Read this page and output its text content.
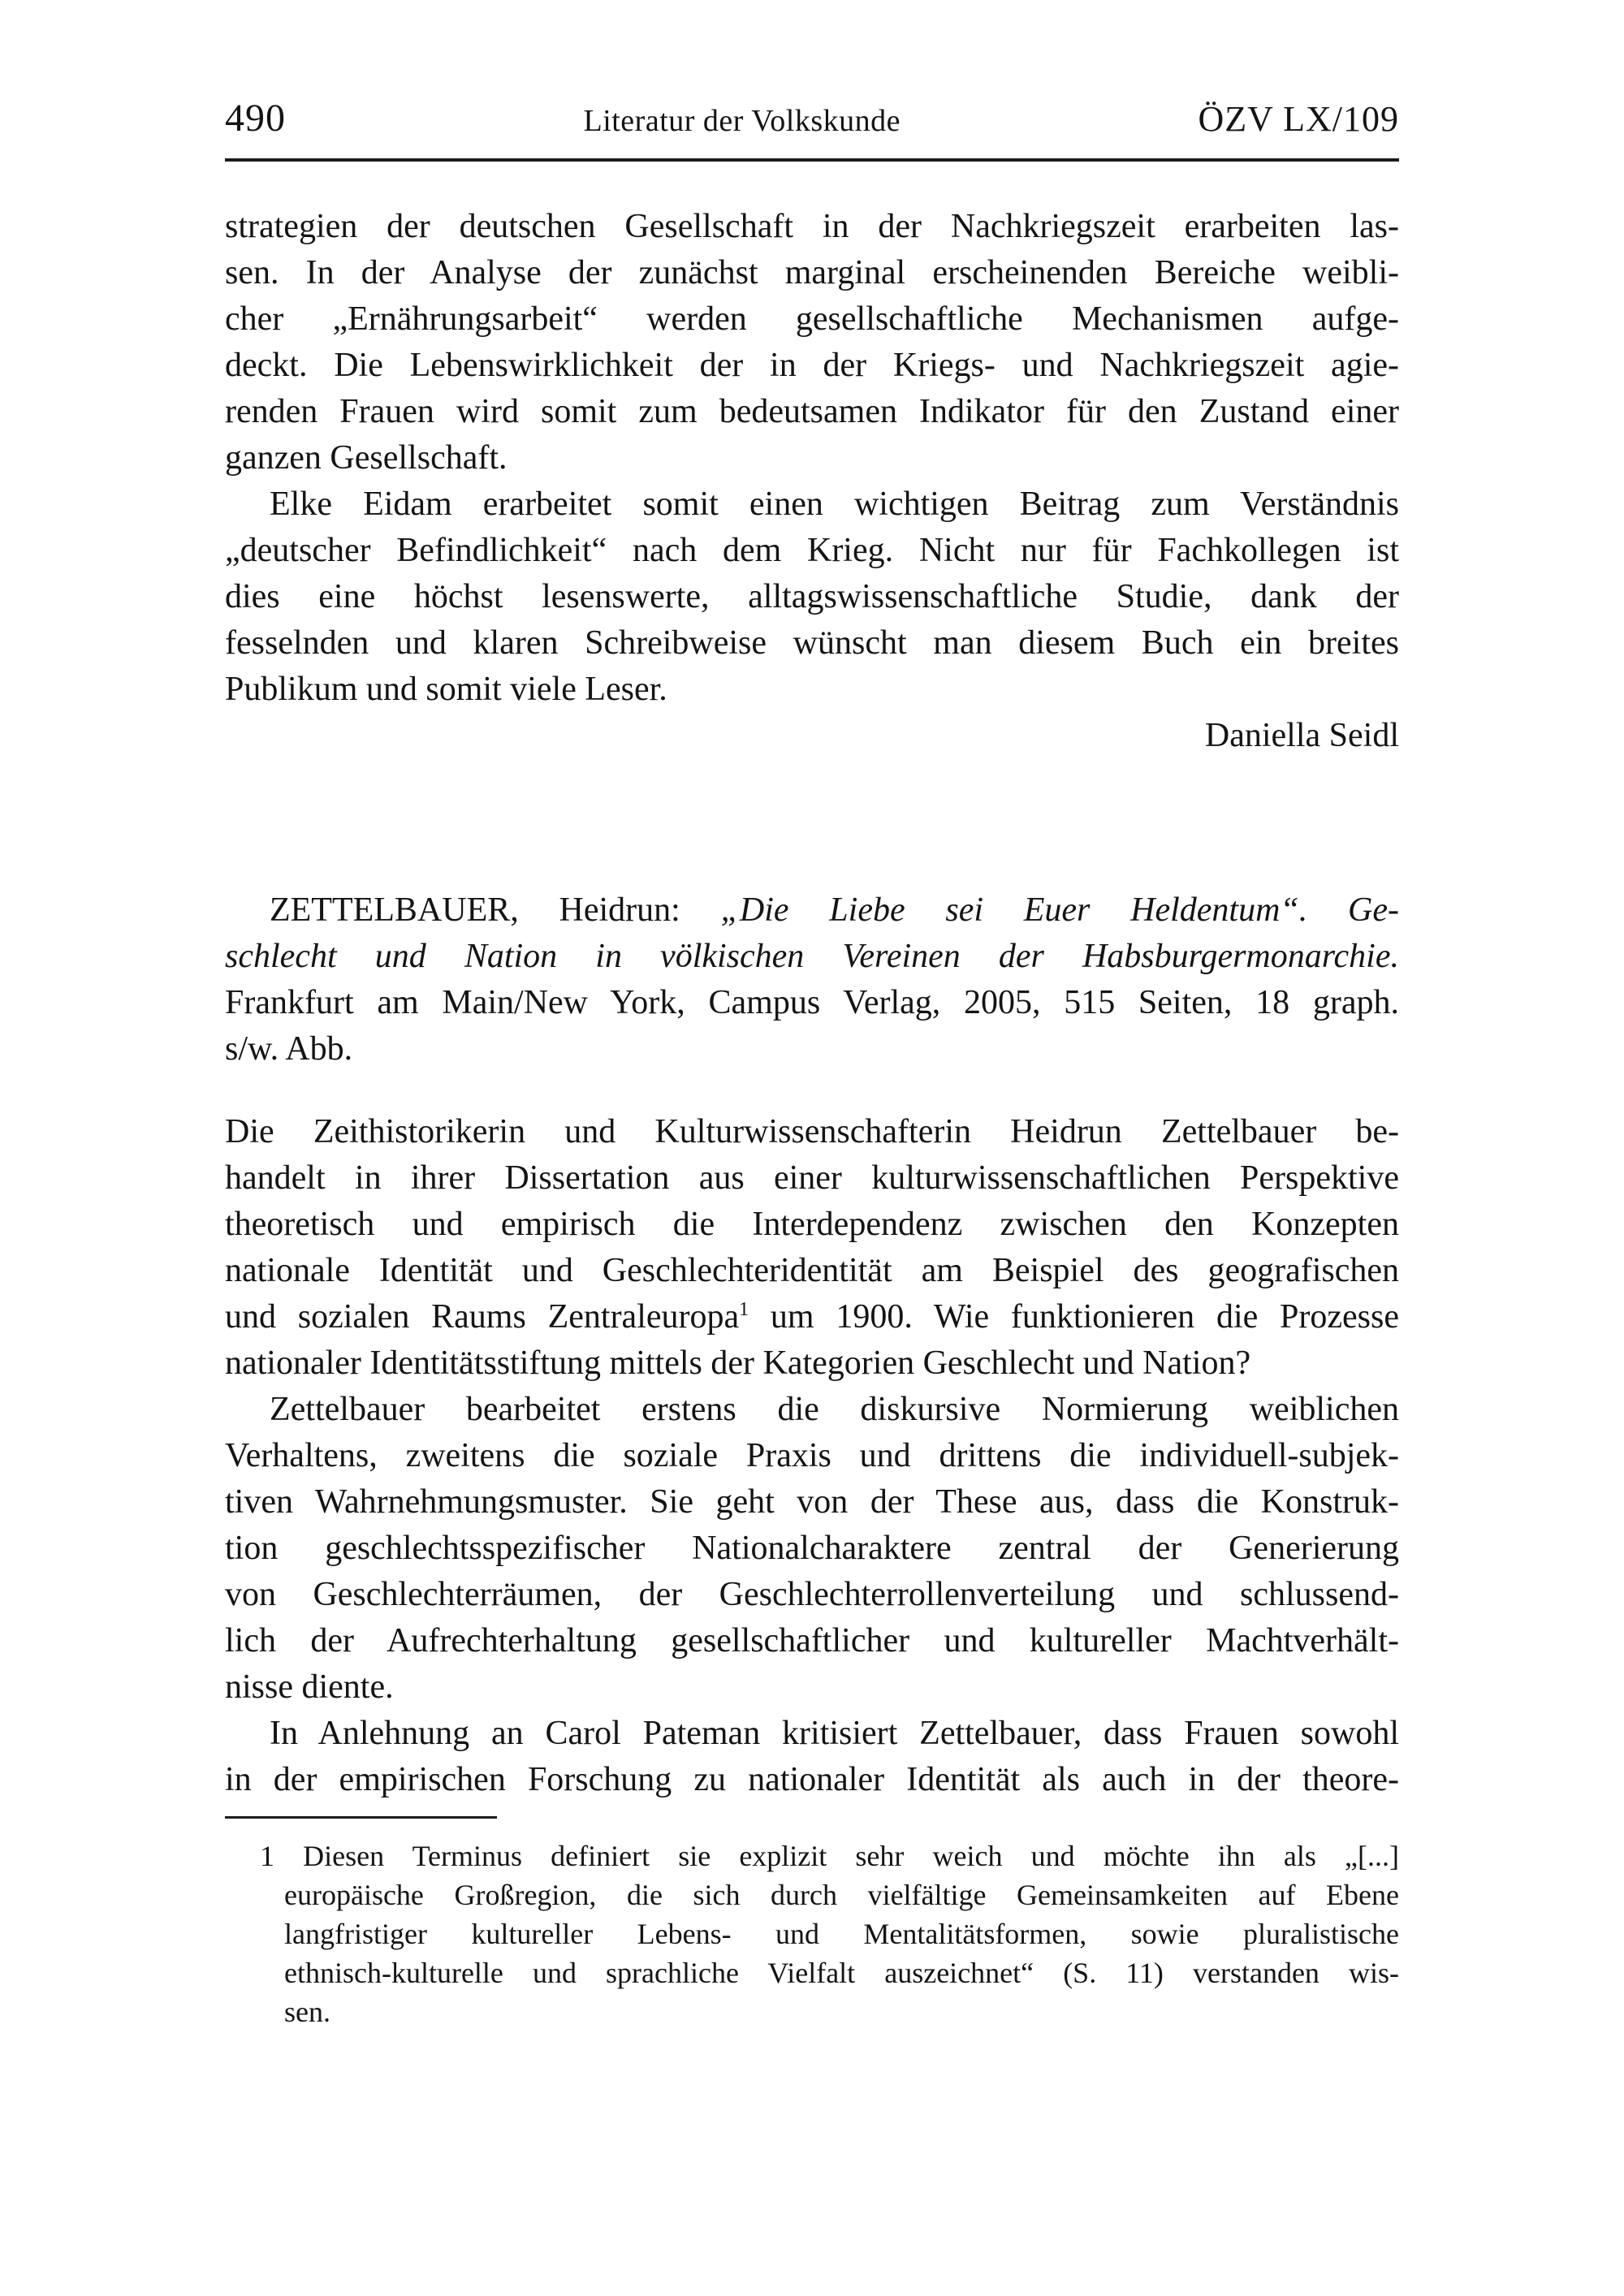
490	Literatur der Volkskunde	ÖZV LX/109
strategien der deutschen Gesellschaft in der Nachkriegszeit erarbeiten las-
sen. In der Analyse der zunächst marginal erscheinenden Bereiche weibli-
cher „Ernährungsarbeit“ werden gesellschaftliche Mechanismen aufge-
deckt. Die Lebenswirklichkeit der in der Kriegs- und Nachkriegszeit agie-
renden Frauen wird somit zum bedeutsamen Indikator für den Zustand einer
ganzen Gesellschaft.
Elke Eidam erarbeitet somit einen wichtigen Beitrag zum Verständnis
„deutscher Befindlichkeit“ nach dem Krieg. Nicht nur für Fachkollegen ist
dies eine höchst lesenswerte, alltagswissenschaftliche Studie, dank der
fesselnden und klaren Schreibweise wünscht man diesem Buch ein breites
Publikum und somit viele Leser.
Daniella Seidl
ZETTELBAUER, Heidrun: „Die Liebe sei Euer Heldentum“. Ge-
schlecht und Nation in völkischen Vereinen der Habsburgermonarchie.
Frankfurt am Main/New York, Campus Verlag, 2005, 515 Seiten, 18 graph.
s/w. Abb.
Die Zeithistorikerin und Kulturwissenschafterin Heidrun Zettelbauer be-
handelt in ihrer Dissertation aus einer kulturwissenschaftlichen Perspektive
theoretisch und empirisch die Interdependenz zwischen den Konzepten
nationale Identität und Geschlechteridentität am Beispiel des geografischen
und sozialen Raums Zentraleuropa$^1$ um 1900. Wie funktionieren die Prozesse
nationaler Identitätsstiftung mittels der Kategorien Geschlecht und Nation?
Zettelbauer bearbeitet erstens die diskursive Normierung weiblichen
Verhaltens, zweitens die soziale Praxis und drittens die individuell-subjek-
tiven Wahrnehmungsmuster. Sie geht von der These aus, dass die Konstruk-
tion geschlechtsspezifischer Nationalcharaktere zentral der Generierung
von Geschlechterräumen, der Geschlechterrollenverteilung und schlussend-
lich der Aufrechterhaltung gesellschaftlicher und kultureller Machtverhält-
nisse diente.
In Anlehnung an Carol Pateman kritisiert Zettelbauer, dass Frauen sowohl
in der empirischen Forschung zu nationaler Identität als auch in der theore-
1 Diesen Terminus definiert sie explizit sehr weich und möchte ihn als „[...]
europäische Großregion, die sich durch vielfältige Gemeinsamkeiten auf Ebene
langfristiger kultureller Lebens- und Mentalitätsformen, sowie pluralistische
ethnisch-kulturelle und sprachliche Vielfalt auszeichnet“ (S. 11) verstanden wis-
sen.
